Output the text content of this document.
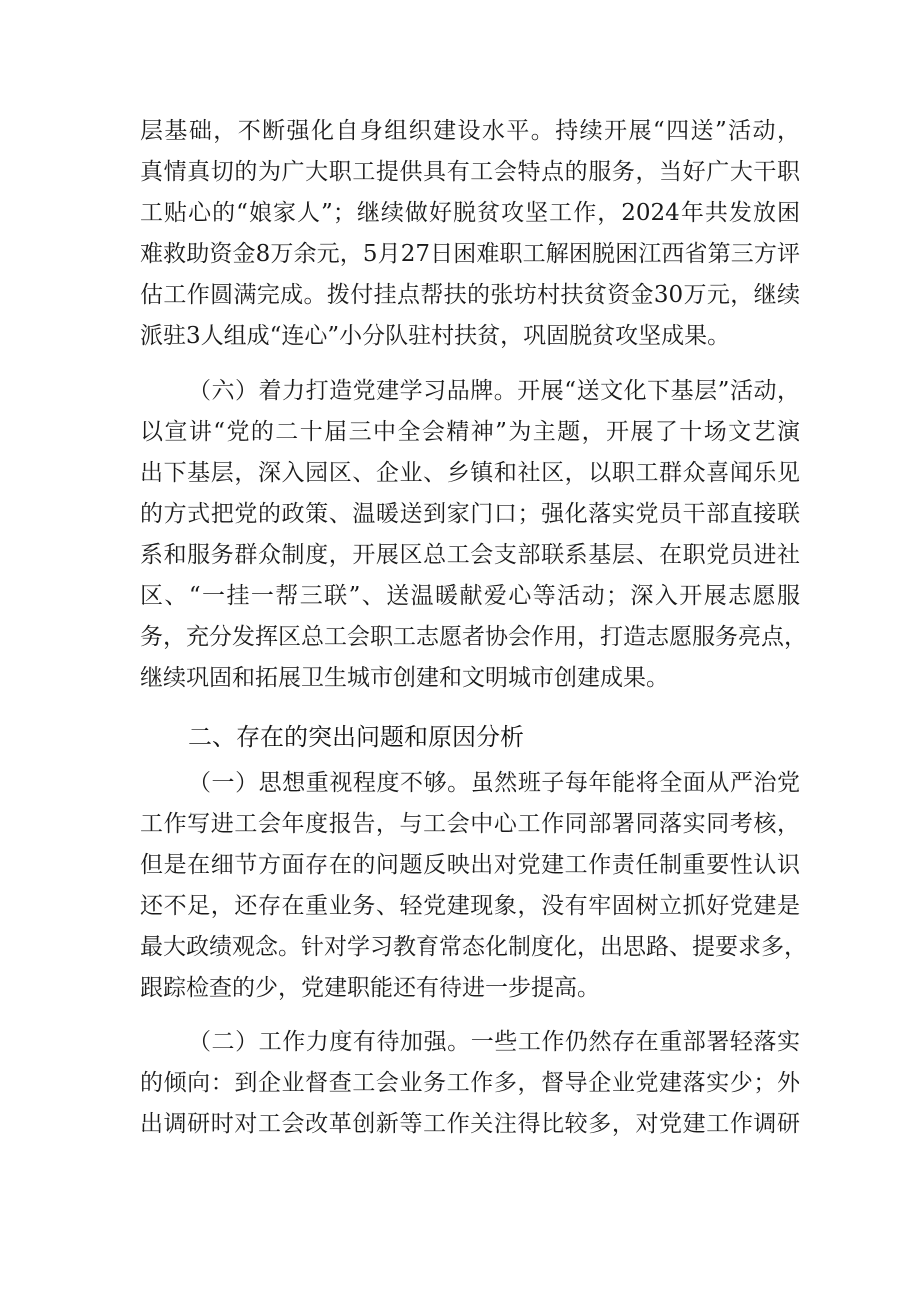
层基础，不断强化自身组织建设水平。持续开展“四送”活动，
真情真切的为广大职工提供具有工会特点的服务，当好广大干职
工贴心的“娘家人”；继续做好脱贫攻坚工作，2024年共发放困
难救助资金8万余元，5月27日困难职工解困脱困江西省第三方评
估工作圆满完成。拨付挂点帮扶的张坊村扶贫资金30万元，继续
派驻3人组成“连心”小分队驻村扶贫，巩固脱贫攻坚成果。
（六）着力打造党建学习品牌。开展“送文化下基层”活动，
以宣讲“党的二十届三中全会精神”为主题，开展了十场文艺演
出下基层，深入园区、企业、乡镇和社区，以职工群众喜闻乐见
的方式把党的政策、温暖送到家门口；强化落实党员干部直接联
系和服务群众制度，开展区总工会支部联系基层、在职党员进社
区、“一挂一帮三联”、送温暖献爱心等活动；深入开展志愿服
务，充分发挥区总工会职工志愿者协会作用，打造志愿服务亮点，
继续巩固和拓展卫生城市创建和文明城市创建成果。
二、存在的突出问题和原因分析
（一）思想重视程度不够。虽然班子每年能将全面从严治党
工作写进工会年度报告，与工会中心工作同部署同落实同考核，
但是在细节方面存在的问题反映出对党建工作责任制重要性认识
还不足，还存在重业务、轻党建现象，没有牢固树立抓好党建是
最大政绩观念。针对学习教育常态化制度化，出思路、提要求多，
跟踪检查的少，党建职能还有待进一步提高。
（二）工作力度有待加强。一些工作仍然存在重部署轻落实
的倾向：到企业督查工会业务工作多，督导企业党建落实少；外
出调研时对工会改革创新等工作关注得比较多，对党建工作调研
